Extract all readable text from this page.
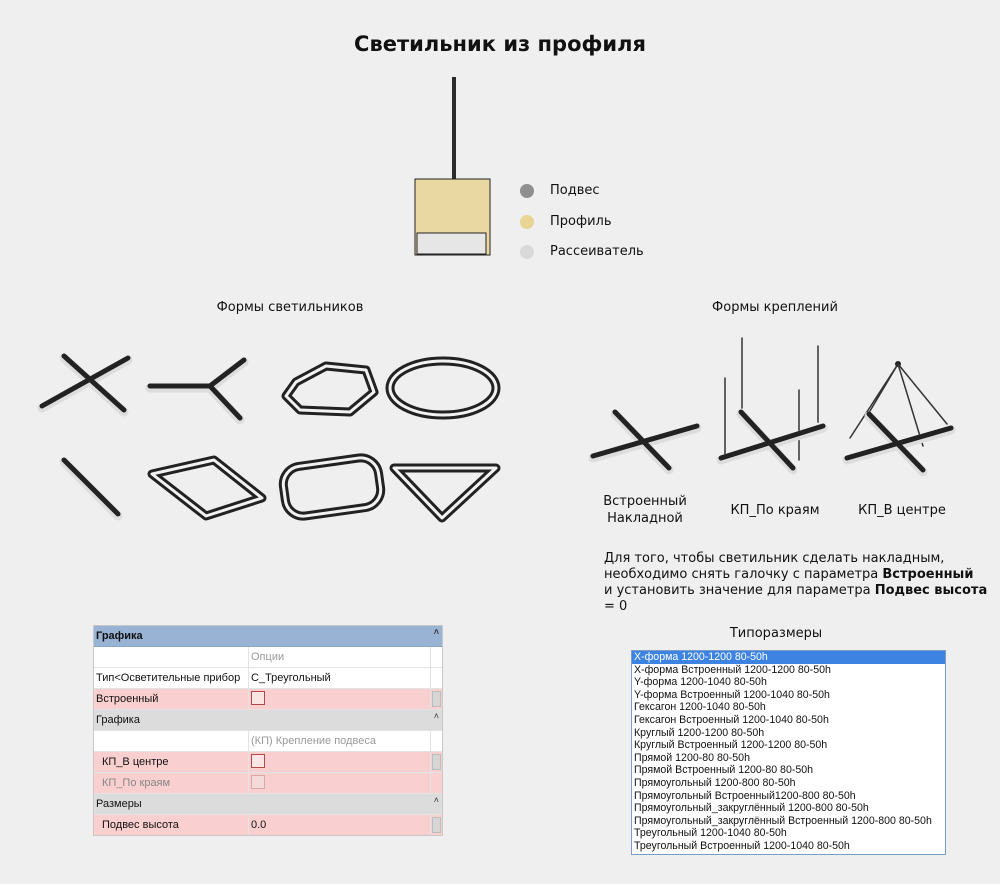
Светильник из профиля
Подвес
Профиль
Рассеиватель
Формы светильников	Формы креплений
Встроенный
Накладной
КП_По краям	КП_В центре
Для того, чтобы светильник сделать накладным,
необходимо снять галочку с параметра Встроенный
и установить значение для параметра Подвес высота = 0
Графика	˄
Опции
Тип<Осветительные прибор С_Треугольный
Встроенный
Графика	˄
(КП) Крепление подвеса
КП_В центре
КП_По краям
Размеры	˄
Подвес высота	0.0
Типоразмеры
X-форма 1200-1200 80-50h
X-форма Встроенный 1200-1200 80-50h
Y-форма 1200-1040 80-50h
Y-форма Встроенный 1200-1040 80-50h
Гексагон 1200-1040 80-50h
Гексагон Встроенный 1200-1040 80-50h
Круглый 1200-1200 80-50h
Круглый Встроенный 1200-1200 80-50h
Прямой 1200-80 80-50h
Прямой Встроенный 1200-80 80-50h
Прямоугольный 1200-800 80-50h
Прямоугольный Встроенный1200-800 80-50h
Прямоугольный_закруглённый 1200-800 80-50h
Прямоугольный_закруглённый Встроенный 1200-800 80-50h
Треугольный 1200-1040 80-50h
Треугольный Встроенный 1200-1040 80-50h
